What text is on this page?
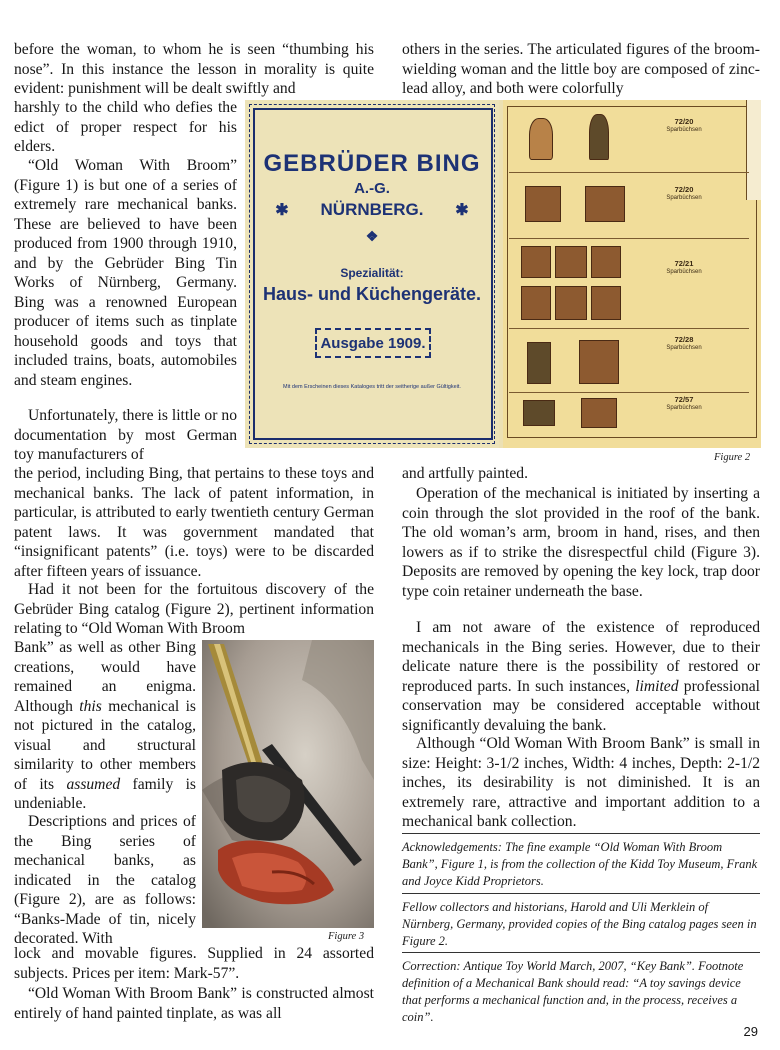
before the woman, to whom he is seen “thumbing his nose”. In this instance the lesson in morality is quite evident: punishment will be dealt swiftly and

harshly to the child who defies the edict of proper respect for his elders.

“Old Woman With Broom” (Figure 1) is but one of a series of extremely rare mechanical banks. These are believed to have been produced from 1900 through 1910, and by the Gebrüder Bing Tin Works of Nürnberg, Germany. Bing was a renowned European producer of items such as tinplate household goods and toys that included trains, boats, automobiles and steam engines.

Unfortunately, there is little or no documentation by most German toy manufacturers of

the period, including Bing, that pertains to these toys and mechanical banks. The lack of patent information, in particular, is attributed to early twentieth century German patent laws. It was government mandated that “insignificant patents” (i.e. toys) were to be discarded after fifteen years of issuance.

Had it not been for the fortuitous discovery of the Gebrüder Bing catalog (Figure 2), pertinent information relating to “Old Woman With Broom

Bank” as well as other Bing creations, would have remained an enigma. Although this mechanical is not pictured in the catalog, visual and structural similarity to other members of its assumed family is undeniable.

Descriptions and prices of the Bing series of mechanical banks, as indicated in the catalog (Figure 2), are as follows: “Banks-Made of tin, nicely decorated. With

lock and movable figures. Supplied in 24 assorted subjects. Prices per item: Mark-57”.

“Old Woman With Broom Bank” is constructed almost entirely of hand painted tinplate, as was all

others in the series. The articulated figures of the broom-wielding woman and the little boy are composed of zinc-lead alloy, and both were colorfully

and artfully painted.

Operation of the mechanical is initiated by inserting a coin through the slot provided in the roof of the bank. The old woman’s arm, broom in hand, rises, and then lowers as if to strike the disrespectful child (Figure 3). Deposits are removed by opening the key lock, trap door type coin retainer underneath the base.

I am not aware of the existence of reproduced mechanicals in the Bing series. However, due to their delicate nature there is the possibility of restored or reproduced parts. In such instances, limited professional conservation may be considered acceptable without significantly devaluing the bank.

Although “Old Woman With Broom Bank” is small in size: Height: 3-1/2 inches, Width: 4 inches, Depth: 2-1/2 inches, its desirability is not diminished. It is an extremely rare, attractive and important addition to a mechanical bank collection.

Acknowledgements: The fine example “Old Woman With Broom Bank”, Figure 1, is from the collection of the Kidd Toy Museum, Frank and Joyce Kidd Proprietors.

Fellow collectors and historians, Harold and Uli Merklein of Nürnberg, Germany, provided copies of the Bing catalog pages seen in Figure 2.

Correction: Antique Toy World March, 2007, “Key Bank”. Footnote definition of a Mechanical Bank should read: “A toy savings device that performs a mechanical function and, in the process, receives a coin”.

GEBRÜDER BING
A.-G.
NÜRNBERG.
✱	✱
❖
Spezialität:
Haus- und Küchengeräte.
Ausgabe 1909.
Mit dem Erscheinen dieses Kataloges tritt der seitherige außer Gültigkeit.
72/20
Sparbüchsen
72/20
Sparbüchsen
72/21
Sparbüchsen
72/28
Sparbüchsen
72/57
Sparbüchsen
Figure 2
Figure 3
29
